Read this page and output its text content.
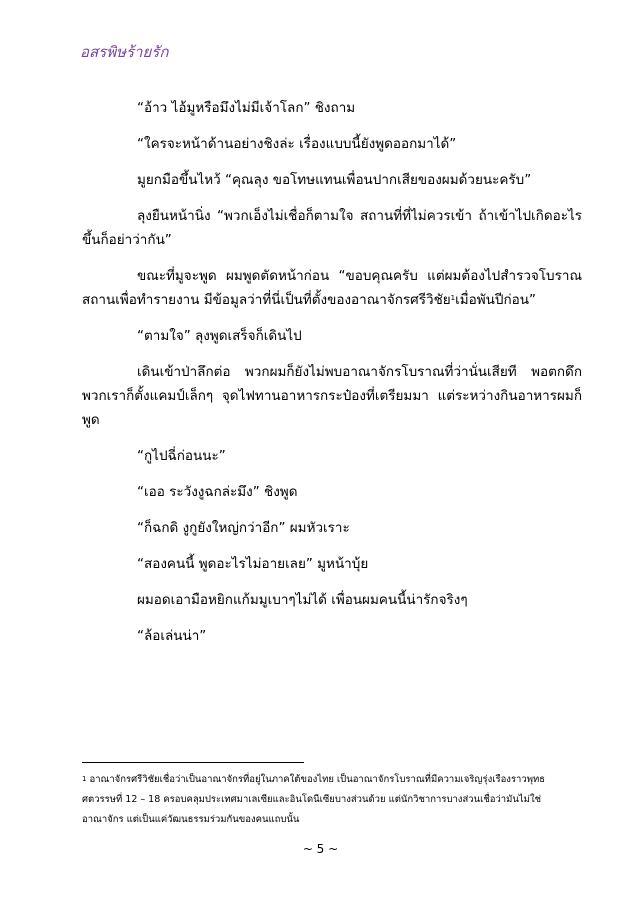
อสรพิษร้ายรัก

“อ้าว ไอ้มูหรือมึงไม่มีเจ้าโลก” ชิงถาม

“ใครจะหน้าด้านอย่างชิงล่ะ เรื่องแบบนี้ยังพูดออกมาได้”

มูยกมือขึ้นไหว้ “คุณลุง ขอโทษแทนเพื่อนปากเสียของผมด้วยนะครับ”

ลุงยืนหน้านิ่ง “พวกเอ็งไม่เชื่อก็ตามใจ สถานที่ที่ไม่ควรเข้า ถ้าเข้าไปเกิดอะไรขึ้นก็อย่าว่ากัน”

ขณะที่มูจะพูด ผมพูดตัดหน้าก่อน “ขอบคุณครับ แต่ผมต้องไปสำรวจโบราณสถานเพื่อทำรายงาน มีข้อมูลว่าที่นี่เป็นที่ตั้งของอาณาจักรศรีวิชัย$^1$เมื่อพันปีก่อน”

“ตามใจ” ลุงพูดเสร็จก็เดินไป

เดินเข้าป่าลึกต่อ พวกผมก็ยังไม่พบอาณาจักรโบราณที่ว่านั่นเสียที พอตกดึกพวกเราก็ตั้งแคมป์เล็กๆ จุดไฟทานอาหารกระป๋องที่เตรียมมา แต่ระหว่างกินอาหารผมก็พูด

“กูไปฉี่ก่อนนะ”

“เออ ระวังงูฉกล่ะมึง” ชิงพูด

“ก็ฉกดิ งูกูยังใหญ่กว่าอีก” ผมหัวเราะ

“สองคนนี้ พูดอะไรไม่อายเลย” มูหน้าบุ้ย

ผมอดเอามือหยิกแก้มมูเบาๆไม่ได้ เพื่อนผมคนนี้น่ารักจริงๆ

“ล้อเล่นน่า”

$^1$ อาณาจักรศรีวิชัยเชื่อว่าเป็นอาณาจักรที่อยู่ในภาคใต้ของไทย เป็นอาณาจักรโบราณที่มีความเจริญรุ่งเรืองราวพุทธศตวรรษที่ 12 – 18 ครอบคลุมประเทศมาเลเซียและอินโดนีเซียบางส่วนด้วย แต่นักวิชาการบางส่วนเชื่อว่ามันไม่ใช่อาณาจักร แต่เป็นแค่วัฒนธรรมร่วมกันของคนแถบนั้น
~ 5 ~
